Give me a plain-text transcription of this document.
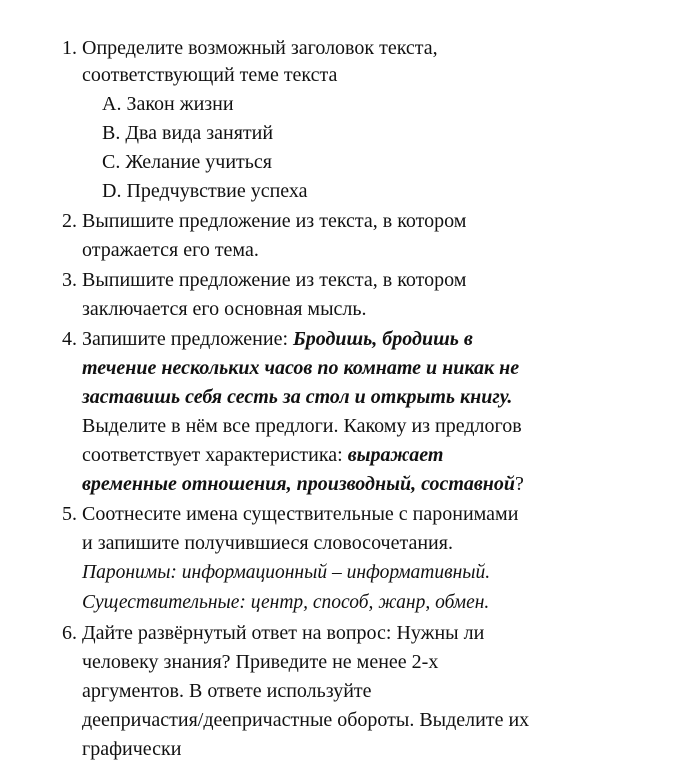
1. Определите возможный заголовок текста,
соответствующий теме текста
A. Закон жизни
B. Два вида занятий
C. Желание учиться
D. Предчувствие успеха
2. Выпишите предложение из текста, в котором
отражается его тема.
3. Выпишите предложение из текста, в котором
заключается его основная мысль.
4. Запишите предложение: Бродишь, бродишь в
течение нескольких часов по комнате и никак не
заставишь себя сесть за стол и открыть книгу.
Выделите в нём все предлоги. Какому из предлогов
соответствует характеристика: выражает
временные отношения, производный, составной?
5. Соотнесите имена существительные с паронимами
и запишите получившиеся словосочетания.
Паронимы: информационный – информативный.
Существительные: центр, способ, жанр, обмен.
6. Дайте развёрнутый ответ на вопрос: Нужны ли
человеку знания? Приведите не менее 2-х
аргументов. В ответе используйте
деепричастия/деепричастные обороты. Выделите их
графически
